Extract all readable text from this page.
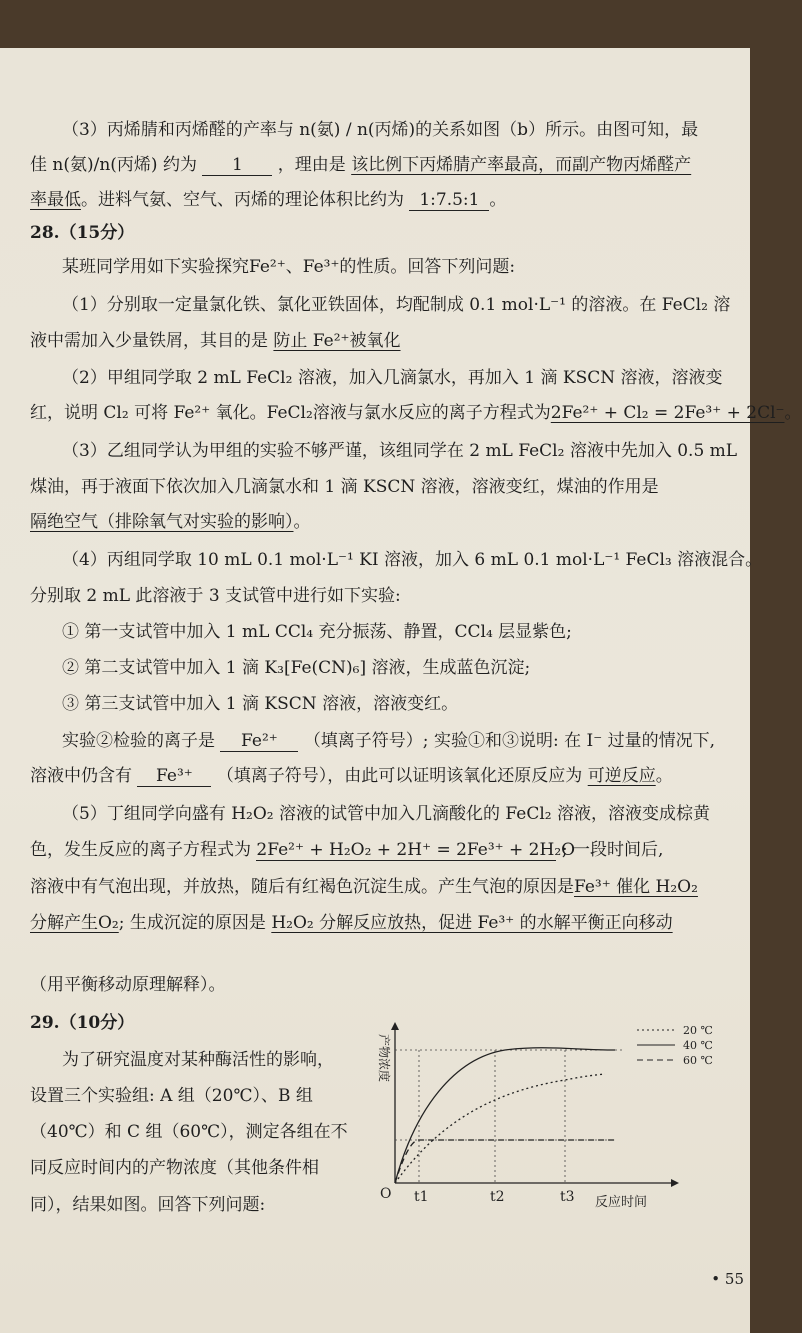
（3）丙烯腈和丙烯醛的产率与 n(氨) / n(丙烯)的关系如图（b）所示。由图可知，最
佳 n(氨)/n(丙烯) 约为 1 ，理由是 该比例下丙烯腈产率最高，而副产物丙烯醛产
率最低。进料气氨、空气、丙烯的理论体积比约为 1:7.5:1 。
28.（15分）
某班同学用如下实验探究Fe²⁺、Fe³⁺的性质。回答下列问题:
（1）分别取一定量氯化铁、氯化亚铁固体，均配制成 0.1 mol·L⁻¹ 的溶液。在 FeCl₂ 溶
液中需加入少量铁屑，其目的是 防止 Fe²⁺被氧化
（2）甲组同学取 2 mL FeCl₂ 溶液，加入几滴氯水，再加入 1 滴 KSCN 溶液，溶液变
红，说明 Cl₂ 可将 Fe²⁺ 氧化。FeCl₂溶液与氯水反应的离子方程式为2Fe²⁺ + Cl₂ = 2Fe³⁺ + 2Cl⁻。
（3）乙组同学认为甲组的实验不够严谨，该组同学在 2 mL FeCl₂ 溶液中先加入 0.5 mL
煤油，再于液面下依次加入几滴氯水和 1 滴 KSCN 溶液，溶液变红，煤油的作用是
隔绝空气（排除氧气对实验的影响）。
（4）丙组同学取 10 mL 0.1 mol·L⁻¹ KI 溶液，加入 6 mL 0.1 mol·L⁻¹ FeCl₃ 溶液混合。
分别取 2 mL 此溶液于 3 支试管中进行如下实验:
① 第一支试管中加入 1 mL CCl₄ 充分振荡、静置，CCl₄ 层显紫色;
② 第二支试管中加入 1 滴 K₃[Fe(CN)₆] 溶液，生成蓝色沉淀;
③ 第三支试管中加入 1 滴 KSCN 溶液，溶液变红。
实验②检验的离子是 Fe²⁺ （填离子符号）; 实验①和③说明: 在 I⁻ 过量的情况下,
溶液中仍含有 Fe³⁺ （填离子符号），由此可以证明该氧化还原反应为 可逆反应。
（5）丁组同学向盛有 H₂O₂ 溶液的试管中加入几滴酸化的 FeCl₂ 溶液，溶液变成棕黄
色，发生反应的离子方程式为 2Fe²⁺ + H₂O₂ + 2H⁺ = 2Fe³⁺ + 2H₂O ; 一段时间后,
溶液中有气泡出现，并放热，随后有红褐色沉淀生成。产生气泡的原因是Fe³⁺ 催化 H₂O₂
分解产生O₂; 生成沉淀的原因是 H₂O₂ 分解反应放热，促进 Fe³⁺ 的水解平衡正向移动
（用平衡移动原理解释）。
29.（10分）
为了研究温度对某种酶活性的影响，
设置三个实验组: A 组（20℃）、B 组
（40℃）和 C 组（60℃），测定各组在不
同反应时间内的产物浓度（其他条件相
同），结果如图。回答下列问题:
产物浓度
反应时间
O t1	t2	t3
20 ℃
40 ℃
60 ℃
• 55
